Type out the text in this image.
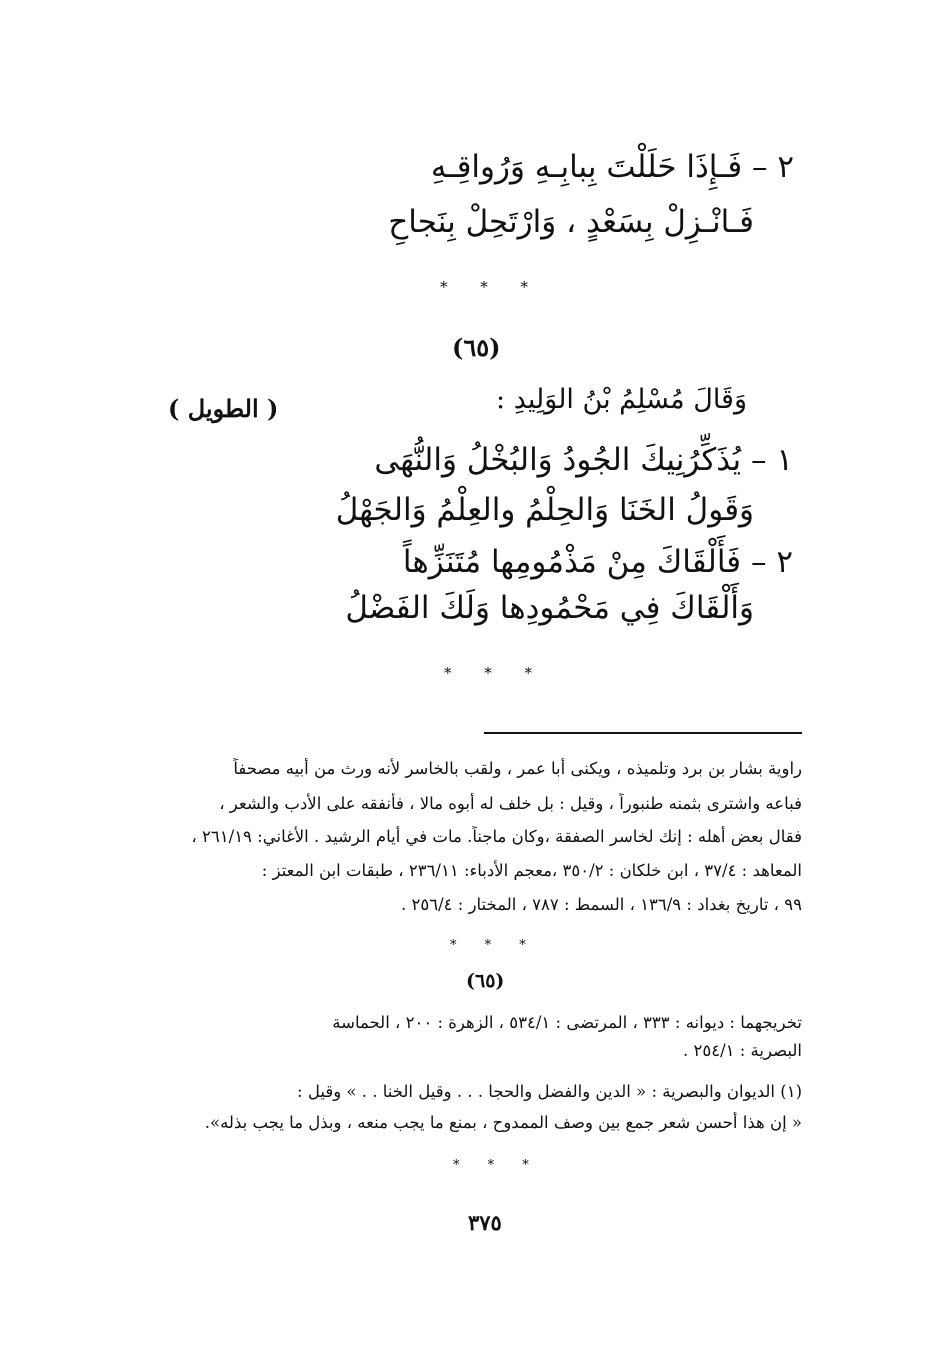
٢ – فَـإِذَا حَلَلْتَ بِبابِـهِ وَرُواقِـهِ
فَـانْـزِلْ بِسَعْدٍ ، وَارْتَحِلْ بِنَجاحِ
* * *
(٦٥)
وَقَالَ مُسْلِمُ بْنُ الوَلِيدِ :
( الطويل )
١ – يُذَكِّرُنِيكَ الجُودُ وَالبُخْلُ وَالنُّهَى
وَقَولُ الخَنَا وَالحِلْمُ والعِلْمُ وَالجَهْلُ
٢ – فَأَلْقَاكَ مِنْ مَذْمُومِها مُتَنَزِّهاً
وَأَلْقَاكَ فِي مَحْمُودِها وَلَكَ الفَضْلُ
* * *
راوية بشار بن برد وتلميذه ، ويكنى أبا عمر ، ولقب بالخاسر لأنه ورث من أبيه مصحفاً
فباعه واشترى بثمنه طنبوراً ، وقيل : بل خلف له أبوه مالا ، فأنفقه على الأدب والشعر ،
فقال بعض أهله : إنك لخاسر الصفقة ،وكان ماجناً. مات في أيام الرشيد . الأغاني: ٢٦١/١٩ ،
المعاهد : ٣٧/٤ ، ابن خلكان : ٣٥٠/٢ ،معجم الأدباء: ٢٣٦/١١ ، طبقات ابن المعتز :
٩٩ ، تاريخ بغداد : ١٣٦/٩ ، السمط : ٧٨٧ ، المختار : ٢٥٦/٤ .
* * *
(٦٥)
تخريجهما : ديوانه : ٣٣٣ ، المرتضى : ٥٣٤/١ ، الزهرة : ٢٠٠ ، الحماسة
البصرية : ٢٥٤/١ .
(١) الديوان والبصرية : « الدين والفضل والحجا . . . وقيل الخنا . . » وقيل :
« إن هذا أحسن شعر جمع بين وصف الممدوح ، بمنع ما يجب منعه ، وبذل ما يجب بذله».
* * *
٣٧٥
